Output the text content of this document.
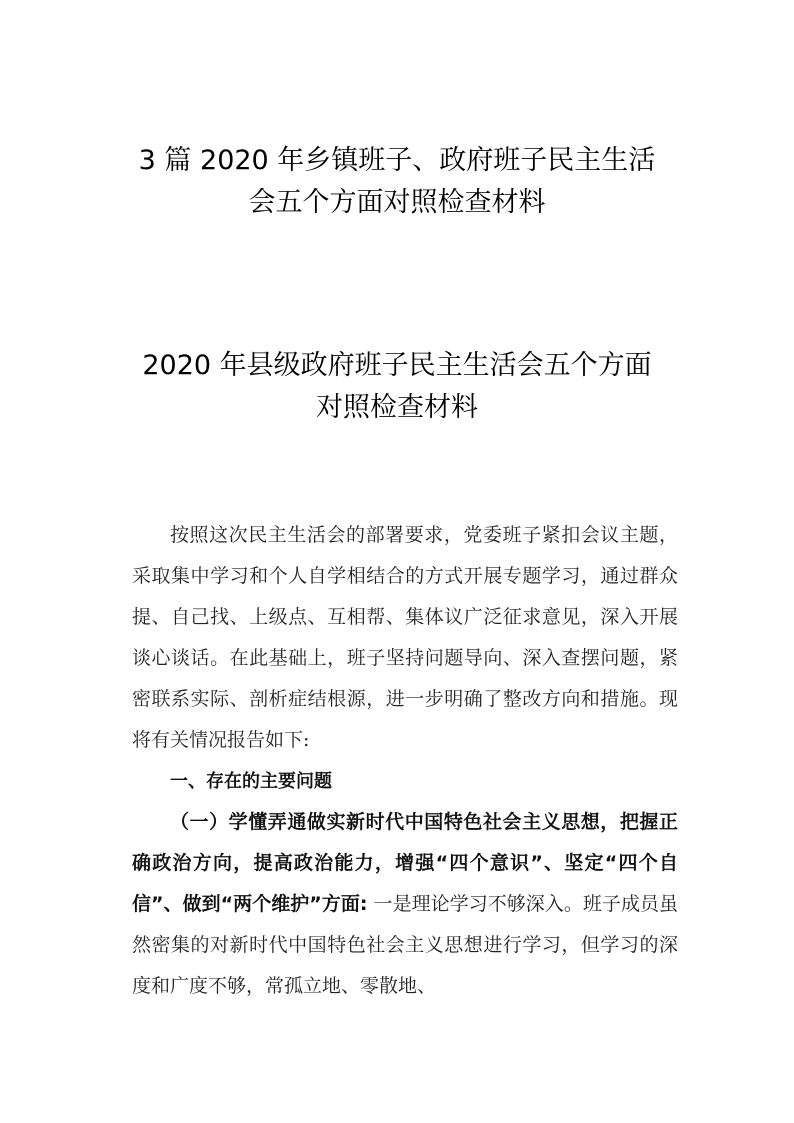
3 篇 2020 年乡镇班子、政府班子民主生活
会五个方面对照检查材料
2020 年县级政府班子民主生活会五个方面
对照检查材料

按照这次民主生活会的部署要求，党委班子紧扣会议主题，采取集中学习和个人自学相结合的方式开展专题学习，通过群众提、自己找、上级点、互相帮、集体议广泛征求意见，深入开展谈心谈话。在此基础上，班子坚持问题导向、深入查摆问题，紧密联系实际、剖析症结根源，进一步明确了整改方向和措施。现将有关情况报告如下:

一、存在的主要问题

（一）学懂弄通做实新时代中国特色社会主义思想，把握正确政治方向，提高政治能力，增强“四个意识”、坚定“四个自信”、做到“两个维护”方面: 一是理论学习不够深入。班子成员虽然密集的对新时代中国特色社会主义思想进行学习，但学习的深度和广度不够，常孤立地、零散地、
